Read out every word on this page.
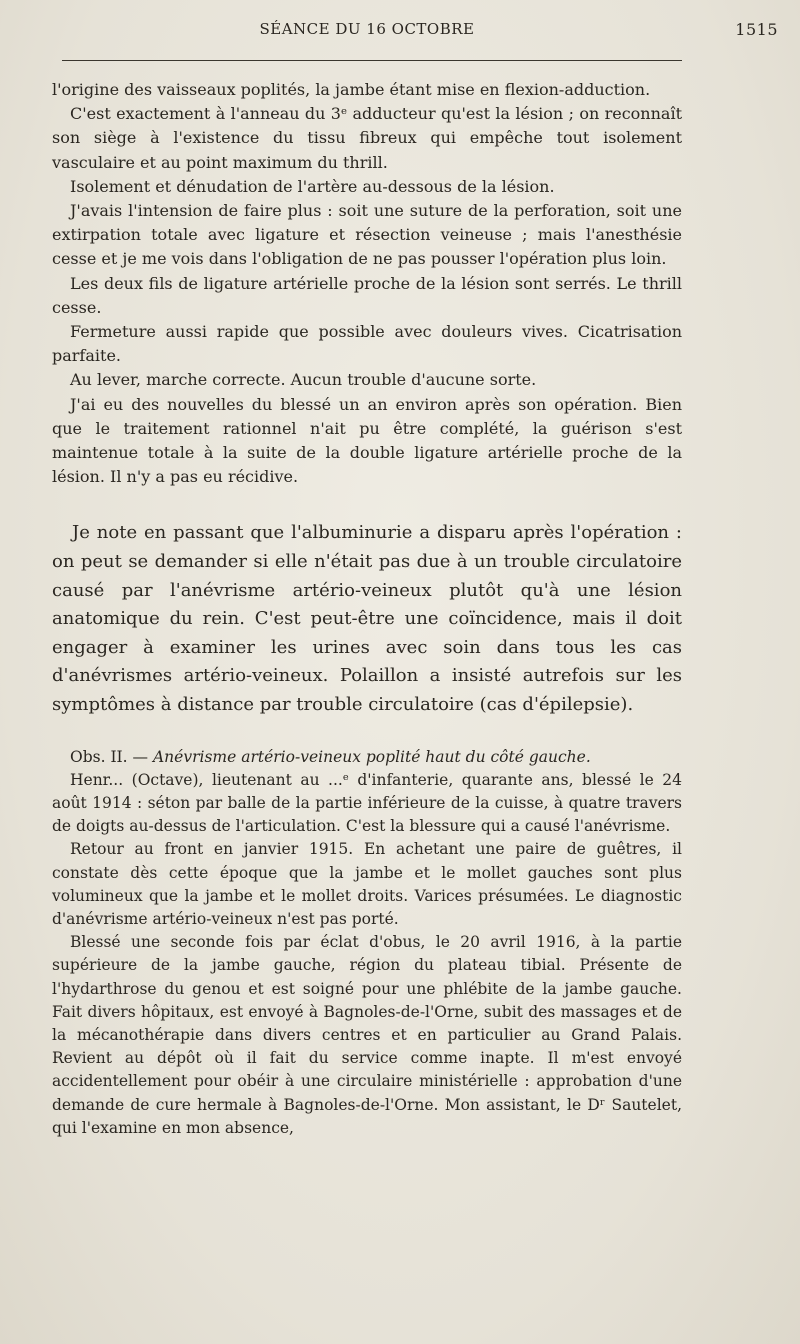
SÉANCE DU 16 OCTOBRE	1515

l'origine des vaisseaux poplités, la jambe étant mise en flexion-adduction.

C'est exactement à l'anneau du 3ᵉ adducteur qu'est la lésion ; on reconnaît son siège à l'existence du tissu fibreux qui empêche tout isolement vasculaire et au point maximum du thrill.

Isolement et dénudation de l'artère au-dessous de la lésion.

J'avais l'intension de faire plus : soit une suture de la perforation, soit une extirpation totale avec ligature et résection veineuse ; mais l'anesthésie cesse et je me vois dans l'obligation de ne pas pousser l'opération plus loin.

Les deux fils de ligature artérielle proche de la lésion sont serrés. Le thrill cesse.

Fermeture aussi rapide que possible avec douleurs vives. Cicatrisation parfaite.

Au lever, marche correcte. Aucun trouble d'aucune sorte.

J'ai eu des nouvelles du blessé un an environ après son opération. Bien que le traitement rationnel n'ait pu être complété, la guérison s'est maintenue totale à la suite de la double ligature artérielle proche de la lésion. Il n'y a pas eu récidive.

Je note en passant que l'albuminurie a disparu après l'opération : on peut se demander si elle n'était pas due à un trouble circulatoire causé par l'anévrisme artério-veineux plutôt qu'à une lésion anatomique du rein. C'est peut-être une coïncidence, mais il doit engager à examiner les urines avec soin dans tous les cas d'anévrismes artério-veineux. Polaillon a insisté autrefois sur les symptômes à distance par trouble circulatoire (cas d'épilepsie).

Obs. II. — Anévrisme artério-veineux poplité haut du côté gauche.

Henr... (Octave), lieutenant au ...ᵉ d'infanterie, quarante ans, blessé le 24 août 1914 : séton par balle de la partie inférieure de la cuisse, à quatre travers de doigts au-dessus de l'articulation. C'est la blessure qui a causé l'anévrisme.

Retour au front en janvier 1915. En achetant une paire de guêtres, il constate dès cette époque que la jambe et le mollet gauches sont plus volumineux que la jambe et le mollet droits. Varices présumées. Le diagnostic d'anévrisme artério-veineux n'est pas porté.

Blessé une seconde fois par éclat d'obus, le 20 avril 1916, à la partie supérieure de la jambe gauche, région du plateau tibial. Présente de l'hydarthrose du genou et est soigné pour une phlébite de la jambe gauche. Fait divers hôpitaux, est envoyé à Bagnoles-de-l'Orne, subit des massages et de la mécanothérapie dans divers centres et en particulier au Grand Palais. Revient au dépôt où il fait du service comme inapte. Il m'est envoyé accidentellement pour obéir à une circulaire ministérielle : approbation d'une demande de cure hermale à Bagnoles-de-l'Orne. Mon assistant, le Dʳ Sautelet, qui l'examine en mon absence,
